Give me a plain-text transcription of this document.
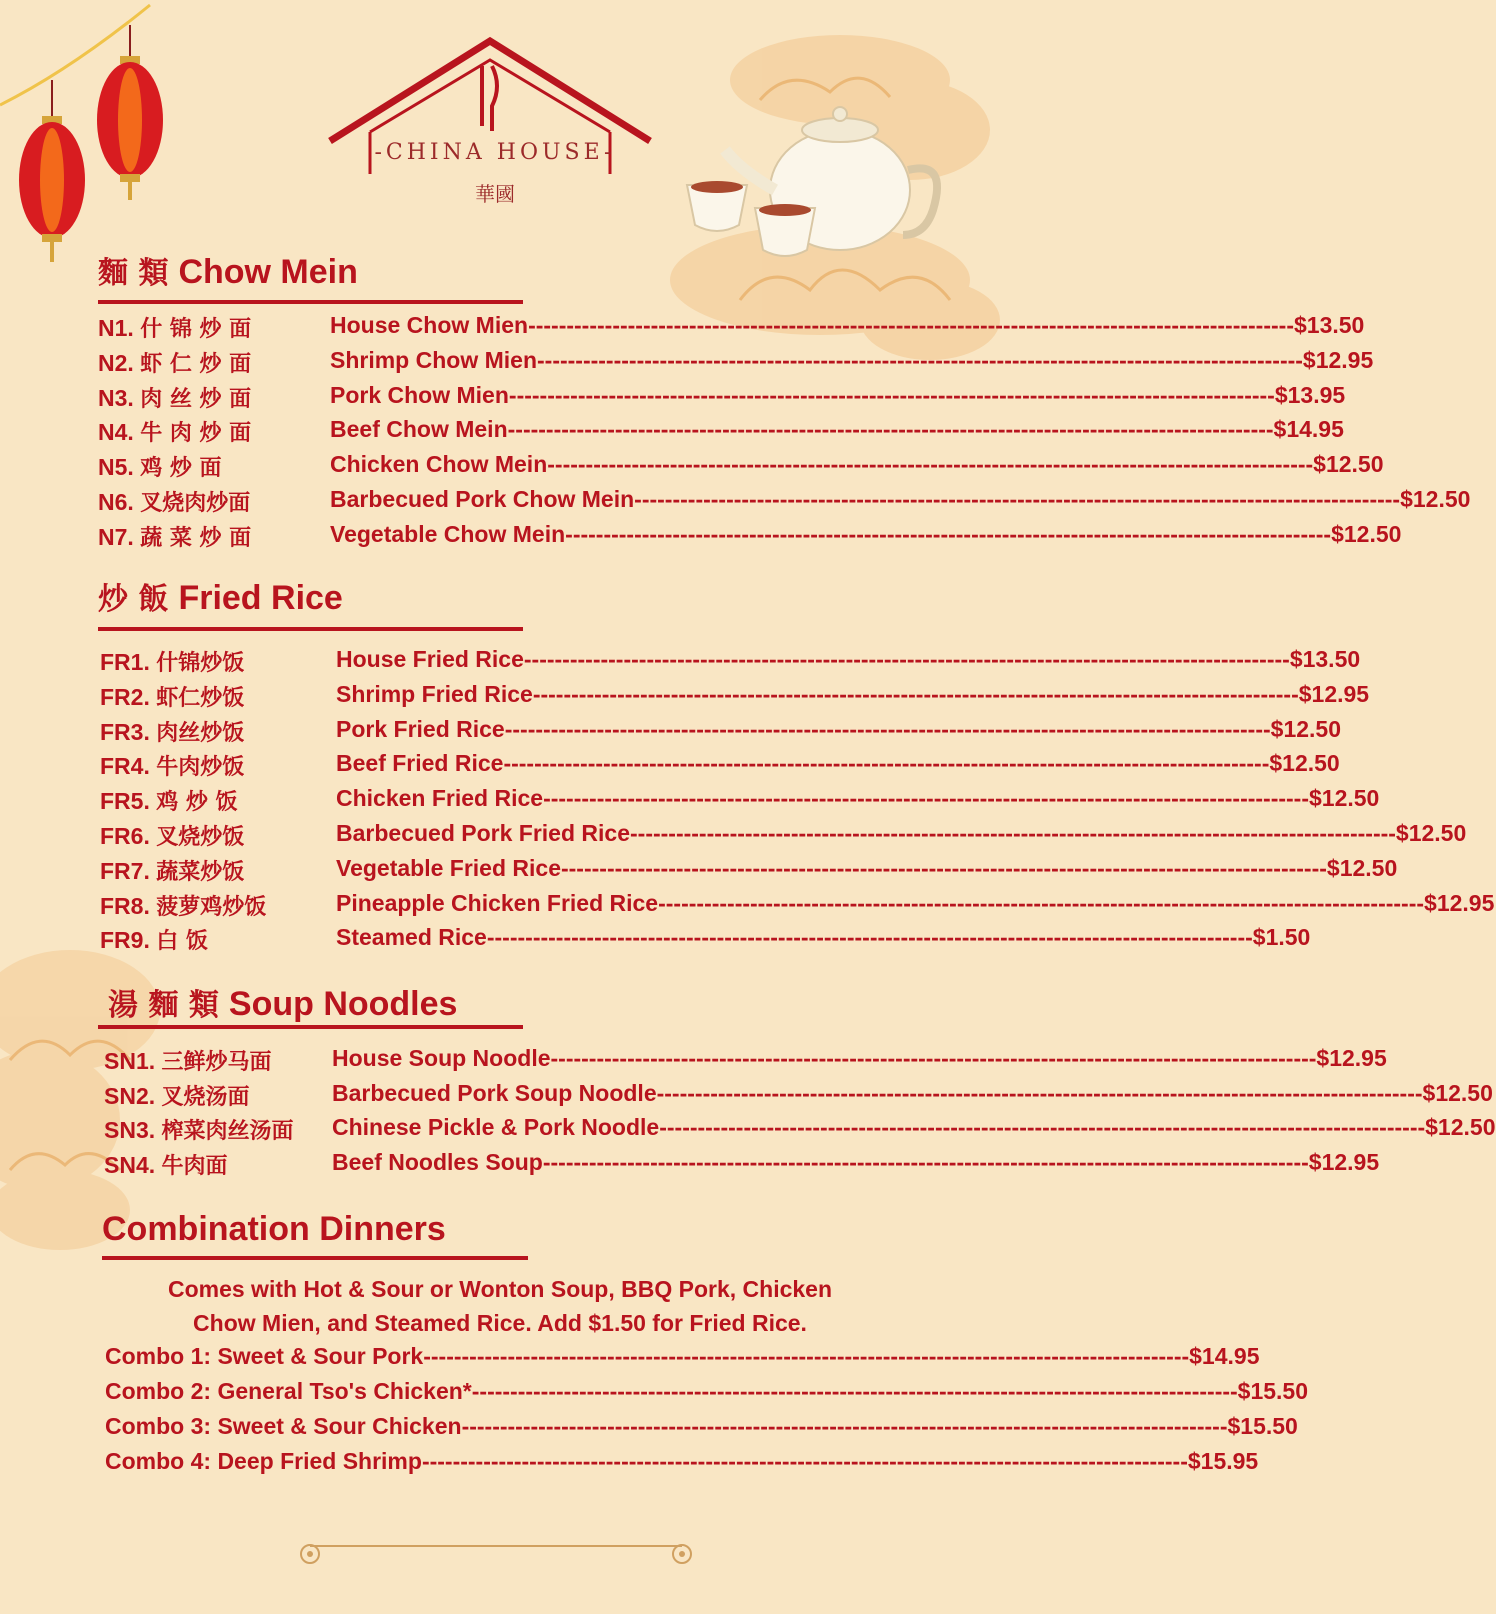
-CHINA HOUSE-
華國
麵 類 Chow Mein
N1. 什 锦 炒 面	House Chow Mien ---------------------------------------------------------------------------------------------------- $13.50
N2. 虾 仁 炒 面	Shrimp Chow Mien ---------------------------------------------------------------------------------------------------- $12.95
N3. 肉 丝 炒 面	Pork Chow Mien ---------------------------------------------------------------------------------------------------- $13.95
N4. 牛 肉 炒 面	Beef Chow Mein ---------------------------------------------------------------------------------------------------- $14.95
N5. 鸡 炒 面	Chicken Chow Mein ---------------------------------------------------------------------------------------------------- $12.50
N6. 叉烧肉炒面	Barbecued Pork Chow Mein ---------------------------------------------------------------------------------------------------- $12.50
N7. 蔬 菜 炒 面	Vegetable Chow Mein ---------------------------------------------------------------------------------------------------- $12.50
炒 飯 Fried Rice
FR1. 什锦炒饭	House Fried Rice ---------------------------------------------------------------------------------------------------- $13.50
FR2. 虾仁炒饭	Shrimp Fried Rice ---------------------------------------------------------------------------------------------------- $12.95
FR3. 肉丝炒饭	Pork Fried Rice ---------------------------------------------------------------------------------------------------- $12.50
FR4. 牛肉炒饭	Beef Fried Rice ---------------------------------------------------------------------------------------------------- $12.50
FR5. 鸡 炒 饭	Chicken Fried Rice ---------------------------------------------------------------------------------------------------- $12.50
FR6. 叉烧炒饭	Barbecued Pork Fried Rice ---------------------------------------------------------------------------------------------------- $12.50
FR7. 蔬菜炒饭	Vegetable Fried Rice ---------------------------------------------------------------------------------------------------- $12.50
FR8. 菠萝鸡炒饭	Pineapple Chicken Fried Rice ---------------------------------------------------------------------------------------------------- $12.95
FR9. 白 饭	Steamed Rice ---------------------------------------------------------------------------------------------------- $1.50
湯 麵 類 Soup Noodles
SN1. 三鲜炒马面	House Soup Noodle ---------------------------------------------------------------------------------------------------- $12.95
SN2. 叉烧汤面	Barbecued Pork Soup Noodle ---------------------------------------------------------------------------------------------------- $12.50
SN3. 榨菜肉丝汤面 Chinese Pickle & Pork Noodle ---------------------------------------------------------------------------------------------------- $12.50
SN4. 牛肉面	Beef Noodles Soup ---------------------------------------------------------------------------------------------------- $12.95
Combination Dinners
Comes with Hot & Sour or Wonton Soup, BBQ Pork, Chicken
Chow Mien, and Steamed Rice. Add $1.50 for Fried Rice.
Combo 1: Sweet & Sour Pork ---------------------------------------------------------------------------------------------------- $14.95
Combo 2: General Tso's Chicken* ---------------------------------------------------------------------------------------------------- $15.50
Combo 3: Sweet & Sour Chicken ---------------------------------------------------------------------------------------------------- $15.50
Combo 4: Deep Fried Shrimp ---------------------------------------------------------------------------------------------------- $15.95
